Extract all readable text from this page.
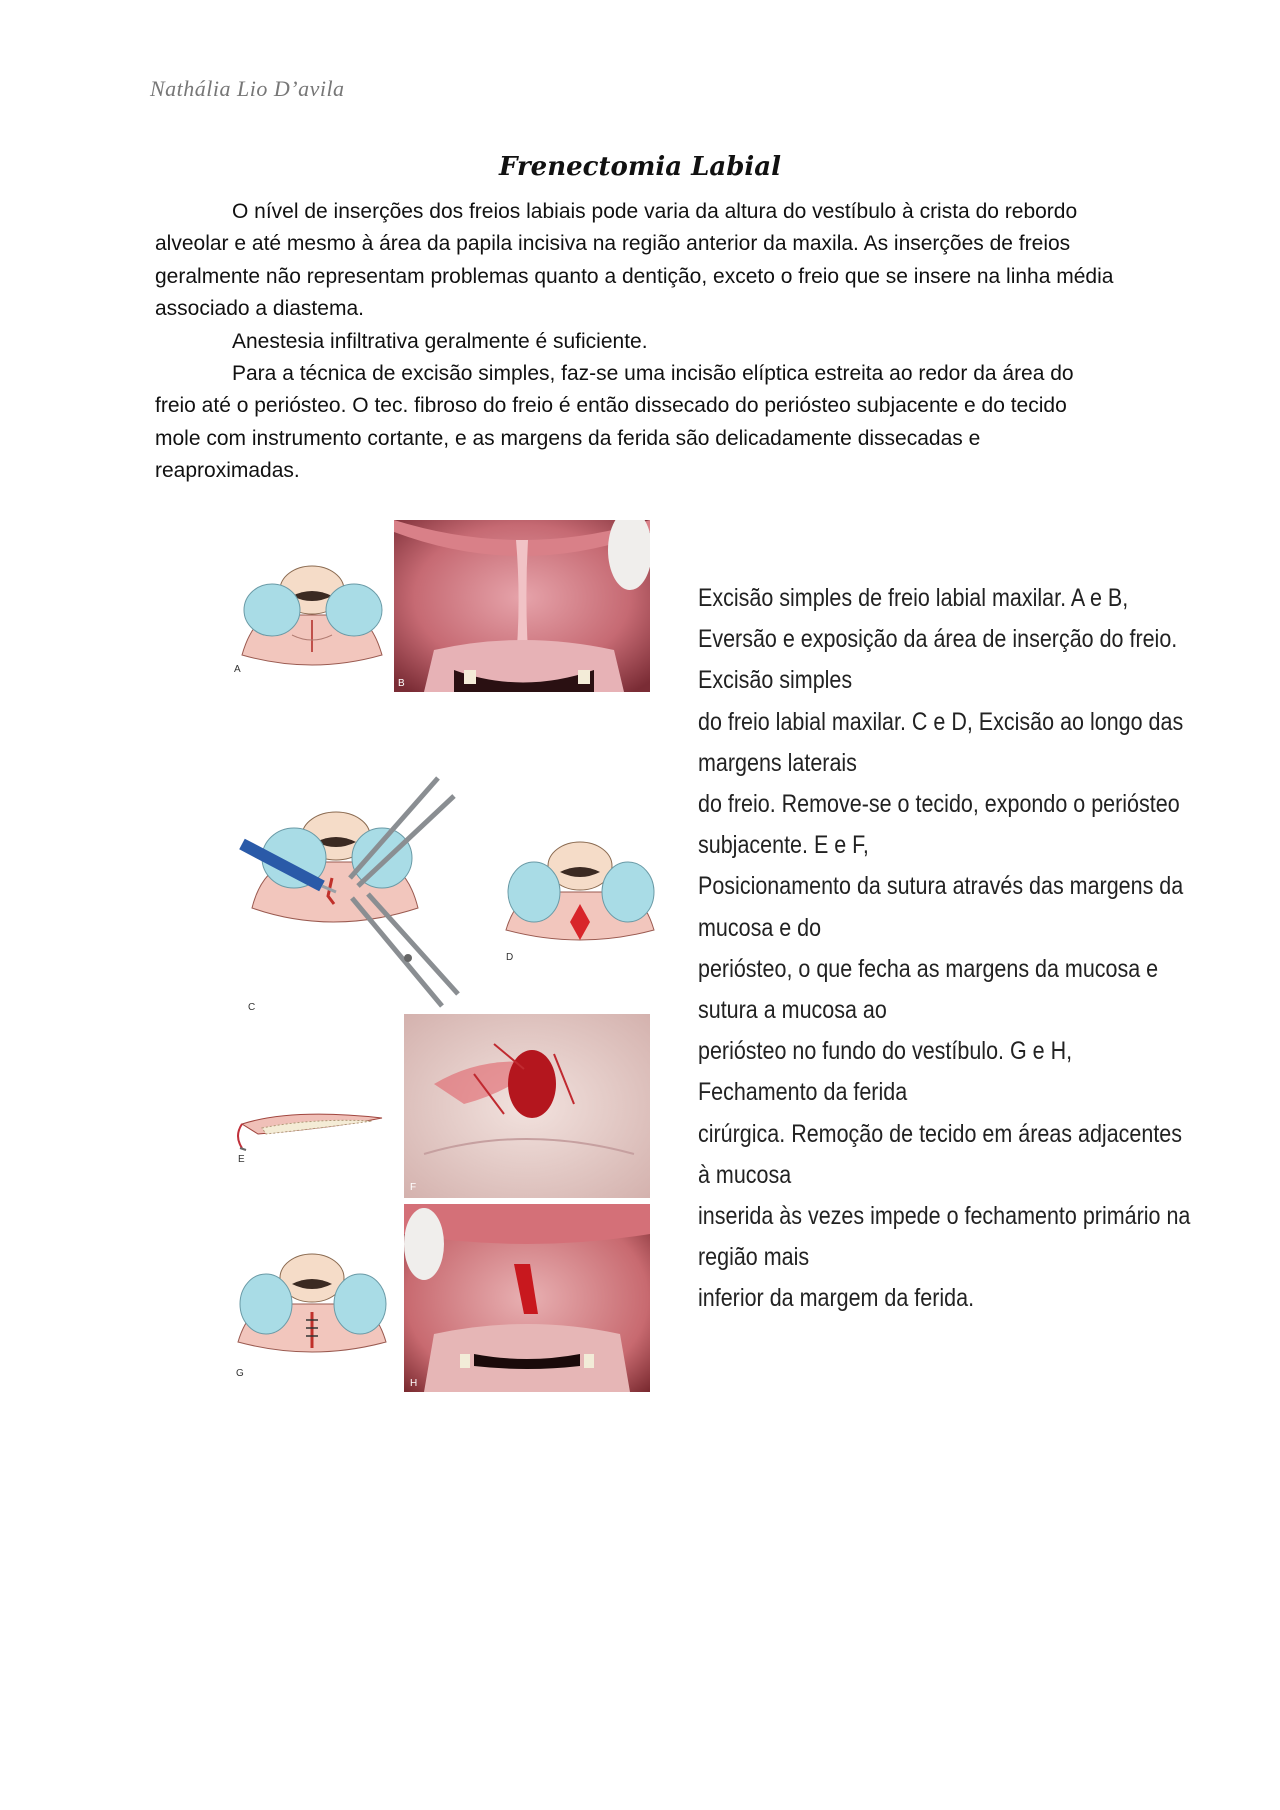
Nathália Lio D’avila
Frenectomia Labial

O nível de inserções dos freios labiais pode varia da altura do vestíbulo à crista do rebordo alveolar e até mesmo à área da papila incisiva na região anterior da maxila. As inserções de freios geralmente não representam problemas quanto a dentição, exceto o freio que se insere na linha média associado a diastema.

Anestesia infiltrativa geralmente é suficiente.

Para a técnica de excisão simples, faz-se uma incisão elíptica estreita ao redor da área do freio até o periósteo. O tec. fibroso do freio é então dissecado do periósteo subjacente e do tecido mole com instrumento cortante, e as margens da ferida são delicadamente dissecadas e reaproximadas.

A
B
C
D
E
F
G
H
Excisão simples de freio labial maxilar. A e B,
Eversão e exposição da área de inserção do freio.
Excisão simples
do freio labial maxilar. C e D, Excisão ao longo das
margens laterais
do freio. Remove-se o tecido, expondo o periósteo
subjacente. E e F,
Posicionamento da sutura através das margens da
mucosa e do
periósteo, o que fecha as margens da mucosa e
sutura a mucosa ao
periósteo no fundo do vestíbulo. G e H,
Fechamento da ferida
cirúrgica. Remoção de tecido em áreas adjacentes
à mucosa
inserida às vezes impede o fechamento primário na
região mais
inferior da margem da ferida.
